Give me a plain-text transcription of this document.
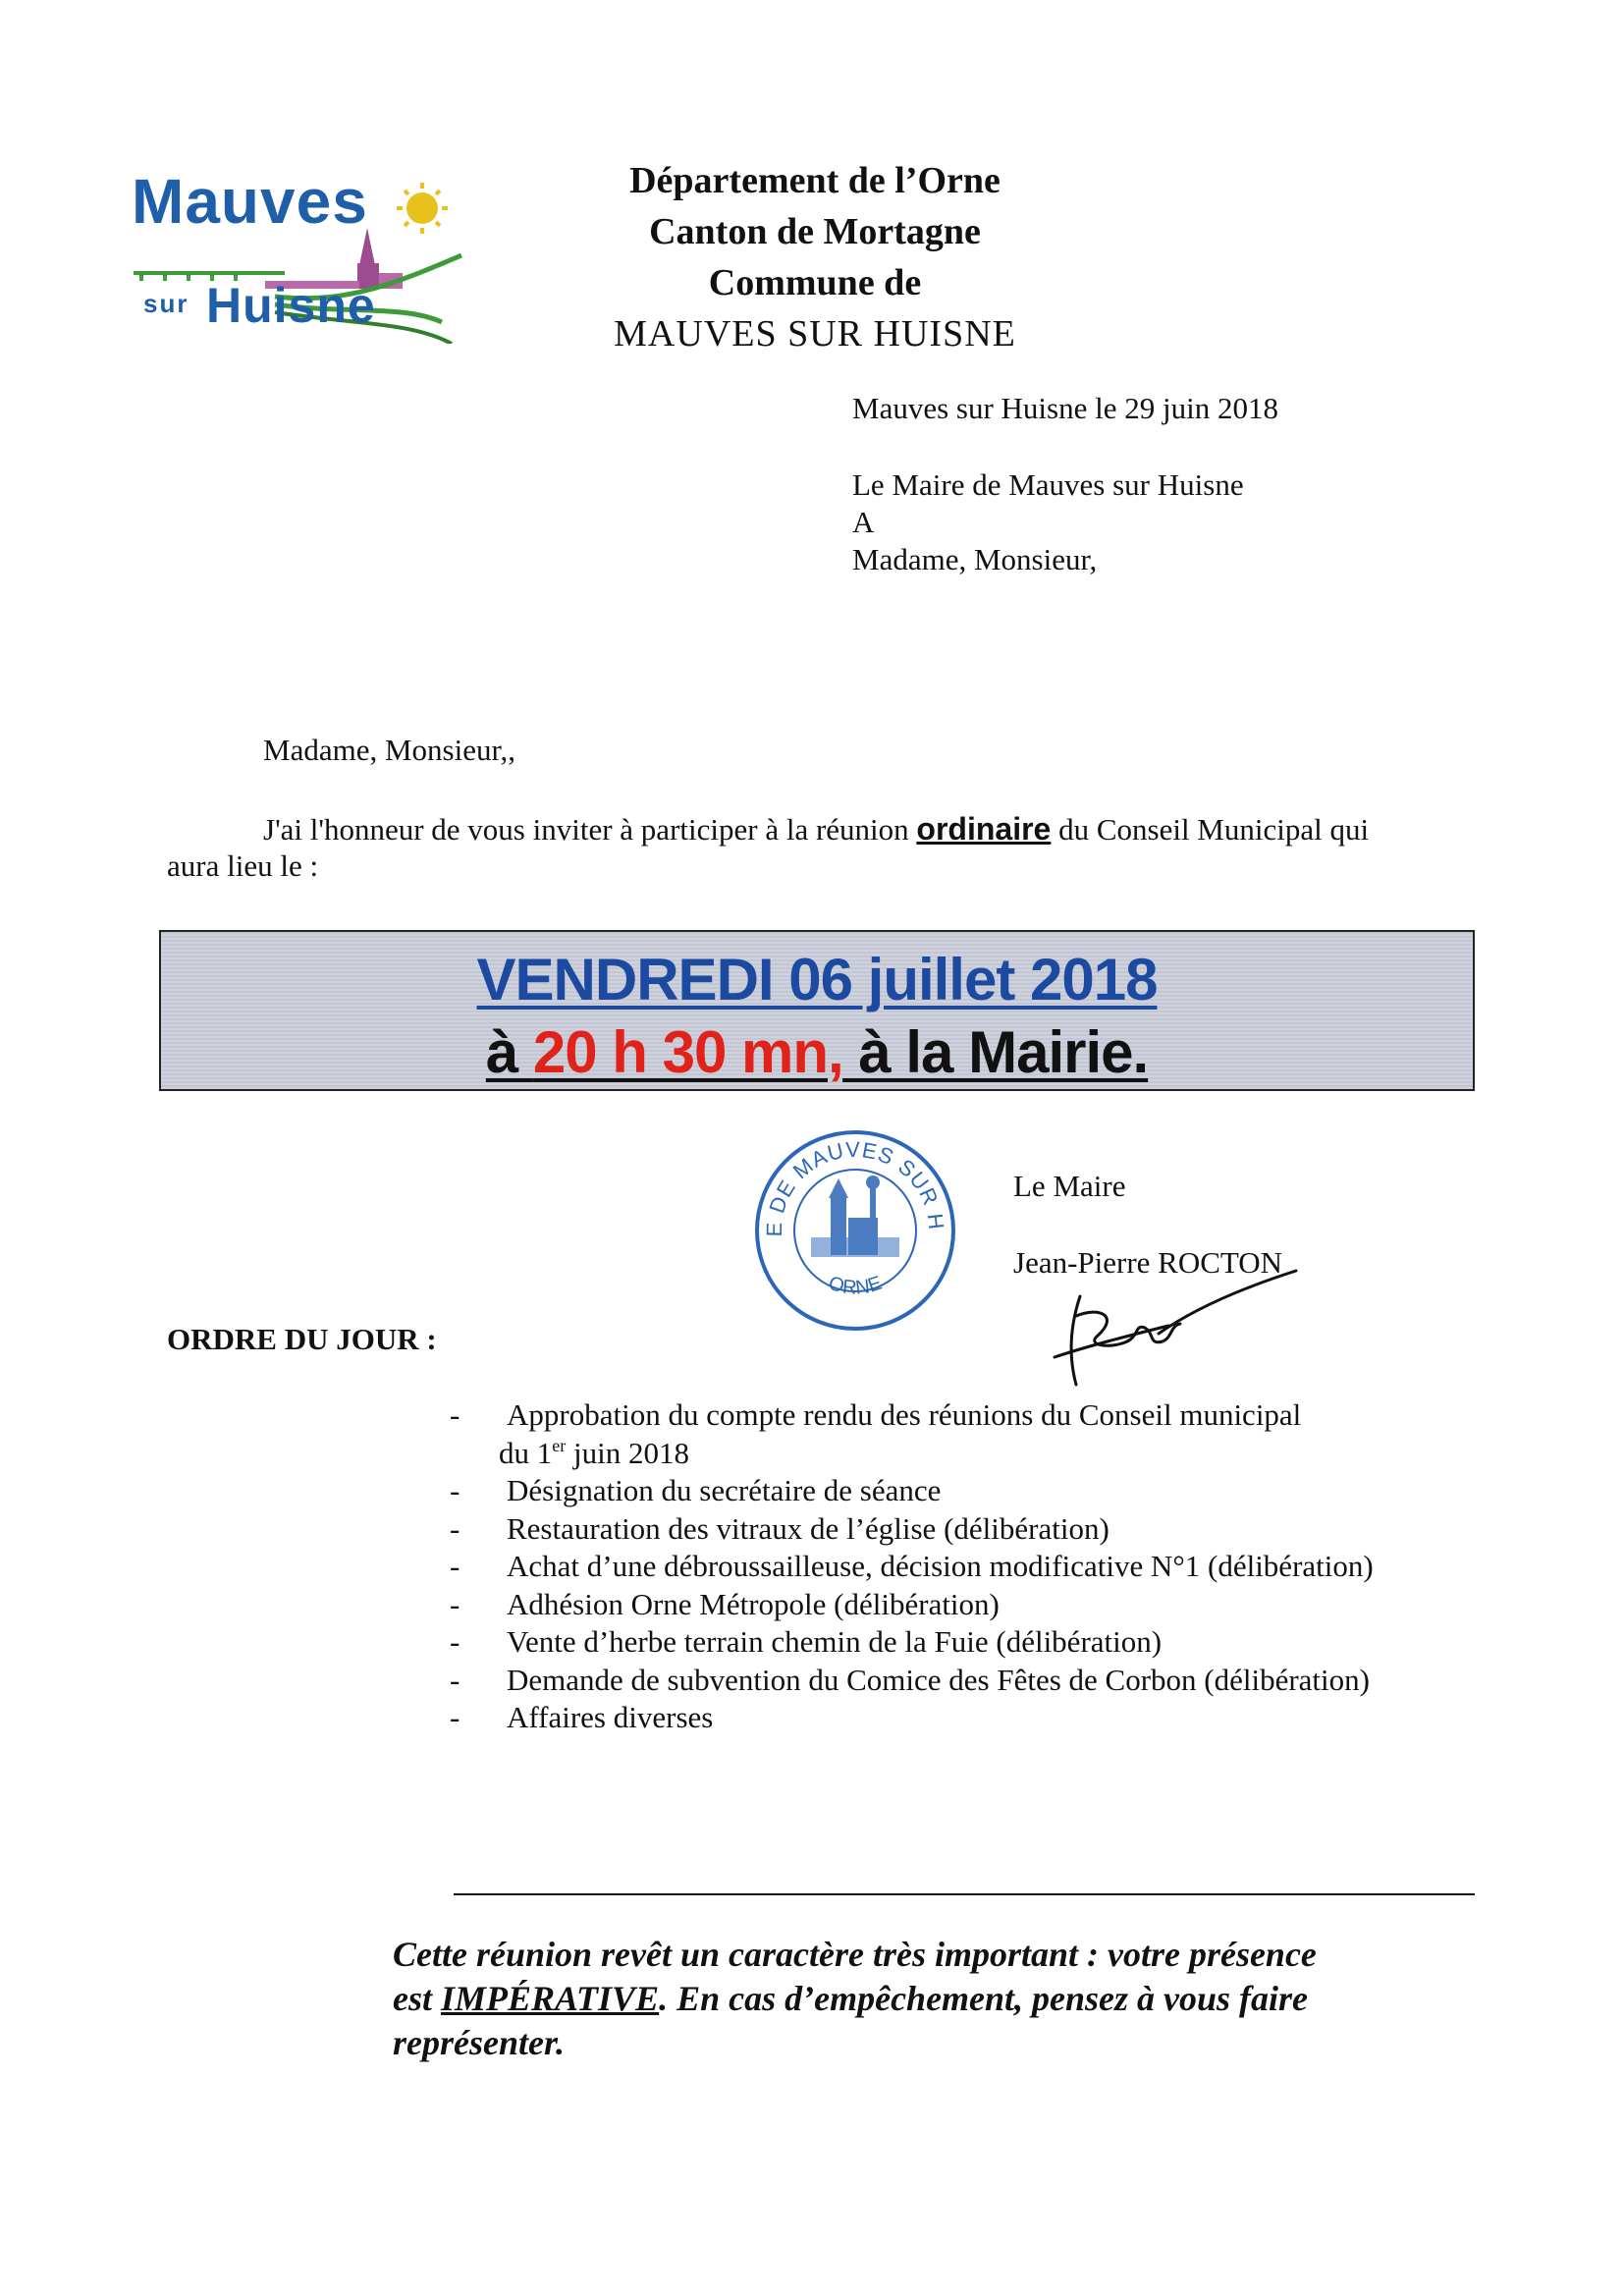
Mauves
sur Huisne
Département de l’Orne
Canton de Mortagne
Commune de
MAUVES SUR HUISNE
Mauves sur Huisne le 29 juin 2018
Le Maire de Mauves sur Huisne
A
Madame, Monsieur,
Madame, Monsieur,,
J'ai l'honneur de vous inviter à participer à la réunion ordinaire du Conseil Municipal qui
aura lieu le :
VENDREDI 06 juillet 2018
à 20 h 30 mn, à la Mairie.
E DE MAUVES SUR H
ORNE
Le Maire
Jean-Pierre ROCTON
ORDRE DU JOUR :
- Approbation du compte rendu des réunions du Conseil municipal
du 1er juin 2018
- Désignation du secrétaire de séance
- Restauration des vitraux de l’église (délibération)
- Achat d’une débroussailleuse, décision modificative N°1 (délibération)
- Adhésion Orne Métropole (délibération)
- Vente d’herbe terrain chemin de la Fuie (délibération)
- Demande de subvention du Comice des Fêtes de Corbon (délibération)
- Affaires diverses
Cette réunion revêt un caractère très important : votre présence
est IMPÉRATIVE. En cas d’empêchement, pensez à vous faire
représenter.
